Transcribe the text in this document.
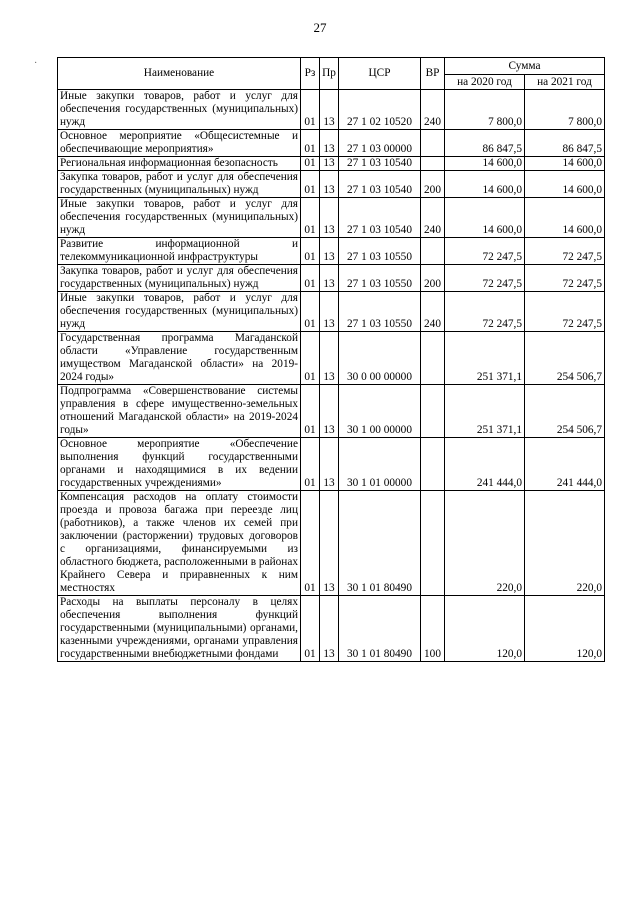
27
·
Наименование	Рз	Пр	ЦСР	ВР	Сумма	
					на 2020 год	на 2021 год
Иные закупки товаров, работ и услуг для обеспечения государственных (муниципальных) нужд	01	13	27 1 02 10520	240	7 800,0	7 800,0
Основное мероприятие «Общесистемные и обеспечивающие мероприятия»	01	13	27 1 03 00000		86 847,5	86 847,5
Региональная информационная безопасность	01	13	27 1 03 10540		14 600,0	14 600,0
Закупка товаров, работ и услуг для обеспечения государственных (муниципальных) нужд	01	13	27 1 03 10540	200	14 600,0	14 600,0
Иные закупки товаров, работ и услуг для обеспечения государственных (муниципальных) нужд	01	13	27 1 03 10540	240	14 600,0	14 600,0
Развитие информационной и телекоммуникационной инфраструктуры	01	13	27 1 03 10550		72 247,5	72 247,5
Закупка товаров, работ и услуг для обеспечения государственных (муниципальных) нужд	01	13	27 1 03 10550	200	72 247,5	72 247,5
Иные закупки товаров, работ и услуг для обеспечения государственных (муниципальных) нужд	01	13	27 1 03 10550	240	72 247,5	72 247,5
Государственная программа Магаданской области «Управление государственным имуществом Магаданской области» на 2019-2024 годы»	01	13	30 0 00 00000		251 371,1	254 506,7
Подпрограмма «Совершенствование системы управления в сфере имущественно-земельных отношений Магаданской области» на 2019-2024 годы»	01	13	30 1 00 00000		251 371,1	254 506,7
Основное мероприятие «Обеспечение выполнения функций государственными органами и находящимися в их ведении государственных учреждениями»	01	13	30 1 01 00000		241 444,0	241 444,0
Компенсация расходов на оплату стоимости проезда и провоза багажа при переезде лиц (работников), а также членов их семей при заключении (расторжении) трудовых договоров с организациями, финансируемыми из областного бюджета, расположенными в районах Крайнего Севера и приравненных к ним местностях	01	13	30 1 01 80490		220,0	220,0
Расходы на выплаты персоналу в целях обеспечения выполнения функций государственными (муниципальными) органами, казенными учреждениями, органами управления государственными внебюджетными фондами	01	13	30 1 01 80490	100	120,0	120,0
